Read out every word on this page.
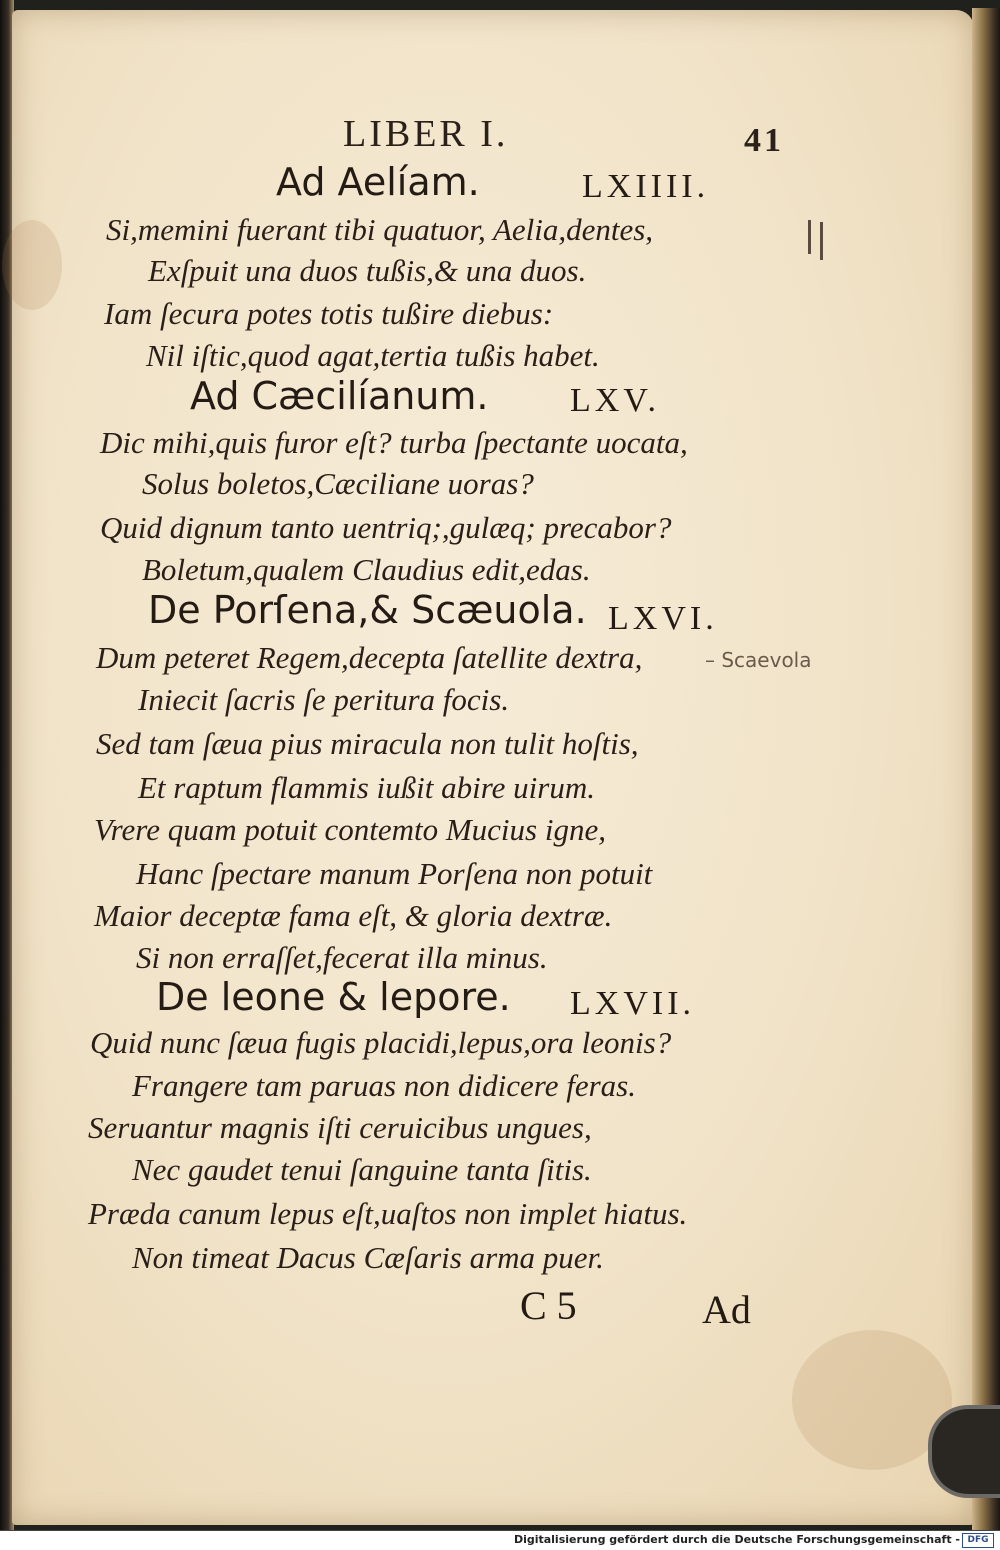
LIBER I.	41
Ad Aelíam.	LXIIII.
Si,memini fuerant tibi quatuor, Aelia,dentes,
Exſpuit una duos tußis,& una duos.
Iam ſecura potes totis tußire diebus:
Nil iſtic,quod agat,tertia tußis habet.
Ad Cæcilíanum. LXV.
Dic mihi,quis furor eſt? turba ſpectante uocata,
Solus boletos,Cæciliane uoras?
Quid dignum tanto uentriq;,gulæq; precabor?
Boletum,qualem Claudius edit,edas.
De Porſena,& Scæuola. LXVI.
Dum peteret Regem,decepta ſatellite dextra,	– Scaevola
Iniecit ſacris ſe peritura focis.
Sed tam ſæua pius miracula non tulit hoſtis,
Et raptum flammis iußit abire uirum.
Vrere quam potuit contemto Mucius igne,
Hanc ſpectare manum Porſena non potuit
Maior deceptæ fama eſt, & gloria dextræ.
Si non erraſſet,fecerat illa minus.
De leone & lepore. LXVII.
Quid nunc ſæua fugis placidi,lepus,ora leonis?
Frangere tam paruas non didicere feras.
Seruantur magnis iſti ceruicibus ungues,
Nec gaudet tenui ſanguine tanta ſitis.
Præda canum lepus eſt,uaſtos non implet hiatus.
Non timeat Dacus Cæſaris arma puer.
C 5	Ad
Digitalisierung gefördert durch die Deutsche Forschungsgemeinschaft - DFG
